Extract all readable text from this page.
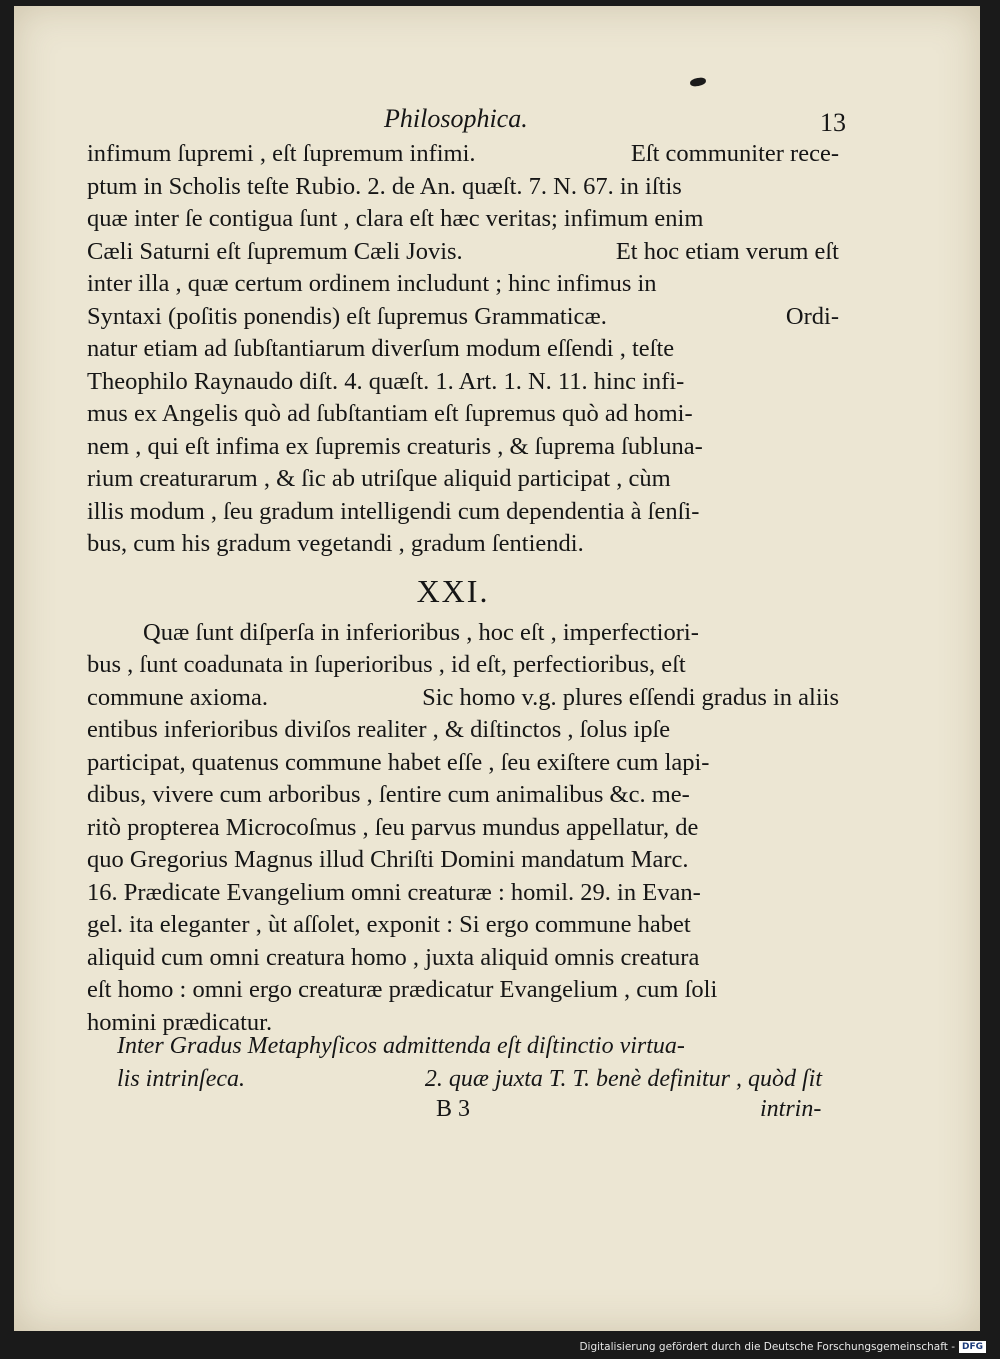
Philosophica.	13
infimum ſupremi , eſt ſupremum infimi.	Eſt communiter rece-
ptum in Scholis teſte Rubio. 2. de An. quæſt. 7. N. 67. in iſtis
quæ inter ſe contigua ſunt , clara eſt hæc veritas; infimum enim
Cæli Saturni eſt ſupremum Cæli Jovis.	Et hoc etiam verum eſt
inter illa , quæ certum ordinem includunt ; hinc infimus in
Syntaxi (poſitis ponendis) eſt ſupremus Grammaticæ.	Ordi-
natur etiam ad ſubſtantiarum diverſum modum eſſendi , teſte
Theophilo Raynaudo diſt. 4. quæſt. 1. Art. 1. N. 11. hinc infi-
mus ex Angelis quò ad ſubſtantiam eſt ſupremus quò ad homi-
nem , qui eſt infima ex ſupremis creaturis , & ſuprema ſubluna-
rium creaturarum , & ſic ab utriſque aliquid participat , cùm
illis modum , ſeu gradum intelligendi cum dependentia à ſenſi-
bus, cum his gradum vegetandi , gradum ſentiendi.
XXI.
Quæ ſunt diſperſa in inferioribus , hoc eſt , imperfectiori-
bus , ſunt coadunata in ſuperioribus , id eſt, perfectioribus, eſt
commune axioma.	Sic homo v.g. plures eſſendi gradus in aliis
entibus inferioribus diviſos realiter , & diſtinctos , ſolus ipſe
participat, quatenus commune habet eſſe , ſeu exiſtere cum lapi-
dibus, vivere cum arboribus , ſentire cum animalibus &c. me-
ritò propterea Microcoſmus , ſeu parvus mundus appellatur, de
quo Gregorius Magnus illud Chriſti Domini mandatum Marc.
16. Prædicate Evangelium omni creaturæ : homil. 29. in Evan-
gel. ita eleganter , ùt aſſolet, exponit : Si ergo commune habet
aliquid cum omni creatura homo , juxta aliquid omnis creatura
eſt homo : omni ergo creaturæ prædicatur Evangelium , cum ſoli
homini prædicatur.
Inter Gradus Metaphyſicos admittenda eſt diſtinctio virtua-
lis intrinſeca.	2. quæ juxta T. T. benè definitur , quòd ſit
B 3	intrin-
Digitalisierung gefördert durch die Deutsche Forschungsgemeinschaft - DFG
